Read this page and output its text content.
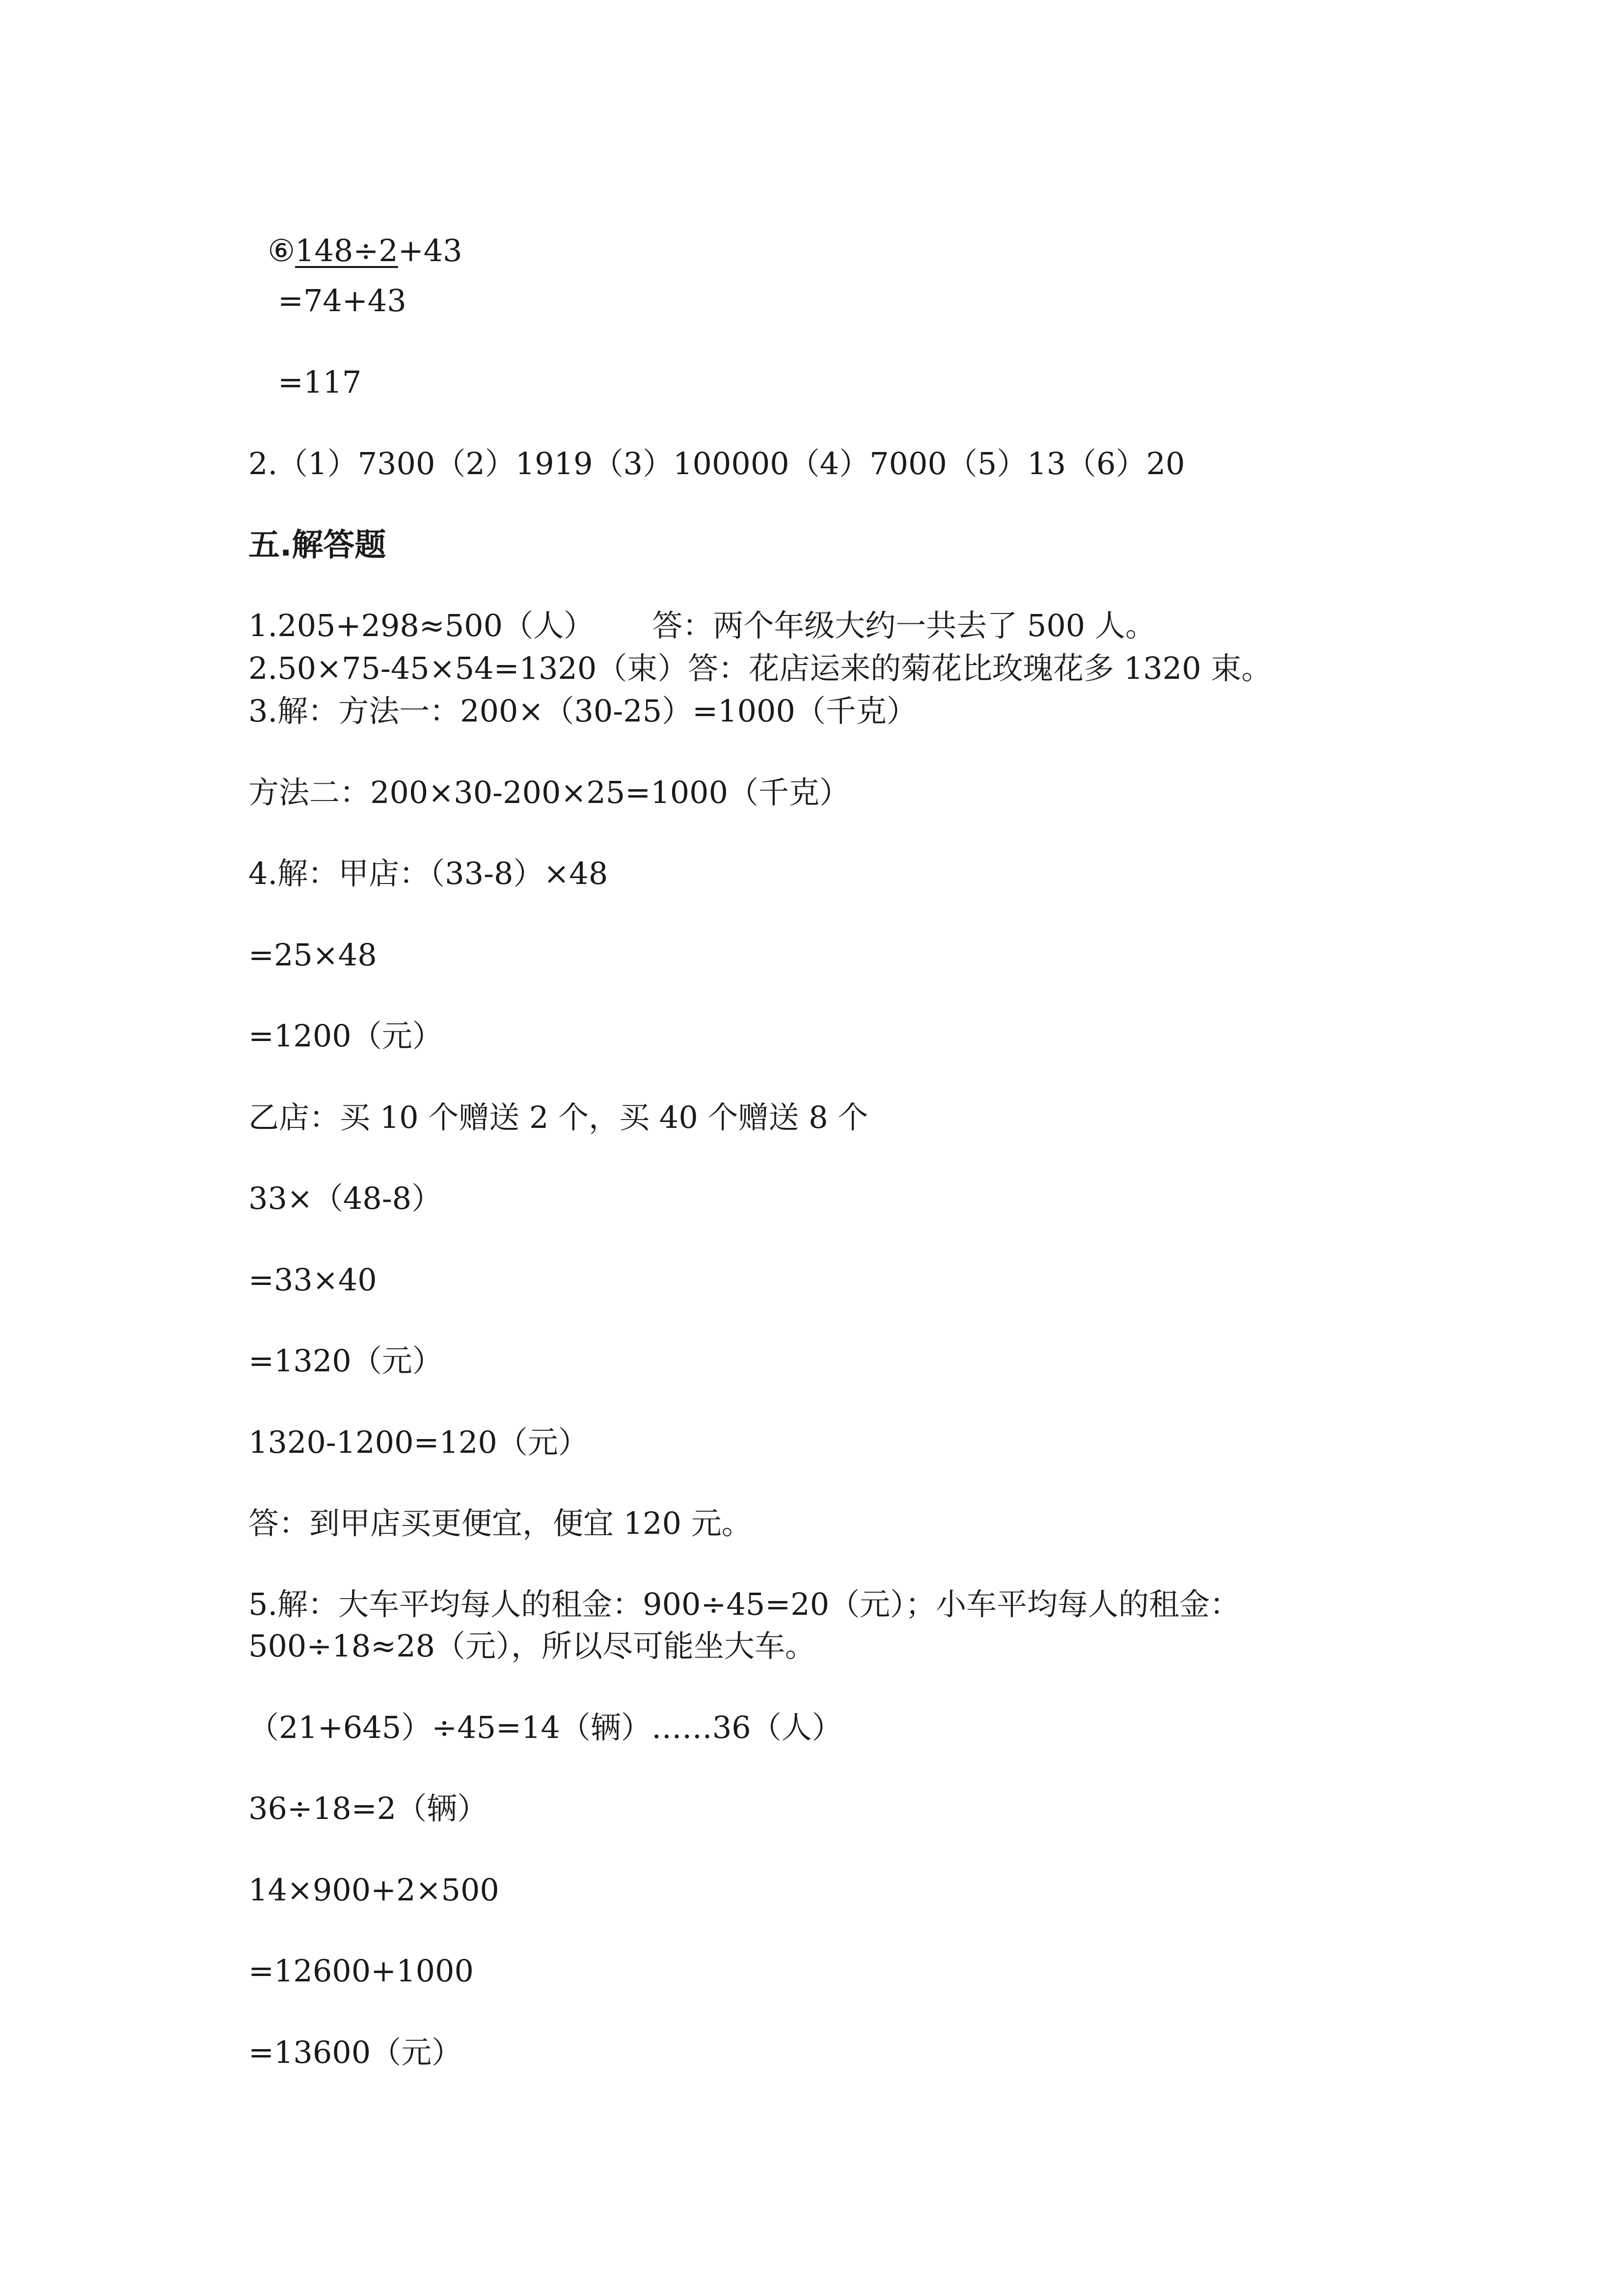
⑥148÷2+43

=74+43
=117
2.（1）7300（2）1919（3）100000（4）7000（5）13（6）20
五.解答题
1.205+298≈500（人）      答：两个年级大约一共去了 500 人。
2.50×75-45×54=1320（束）答：花店运来的菊花比玫瑰花多 1320 束。
3.解：方法一：200×（30-25）=1000（千克）
方法二：200×30-200×25=1000（千克）
4.解：甲店：（33-8）×48
=25×48
=1200（元）
乙店：买 10 个赠送 2 个，买 40 个赠送 8 个
33×（48-8）
=33×40
=1320（元）
1320-1200=120（元）
答：到甲店买更便宜，便宜 120 元。
5.解：大车平均每人的租金：900÷45=20（元）；小车平均每人的租金：
500÷18≈28（元），所以尽可能坐大车。
（21+645）÷45=14（辆）……36（人）
36÷18=2（辆）
14×900+2×500
=12600+1000
=13600（元）
